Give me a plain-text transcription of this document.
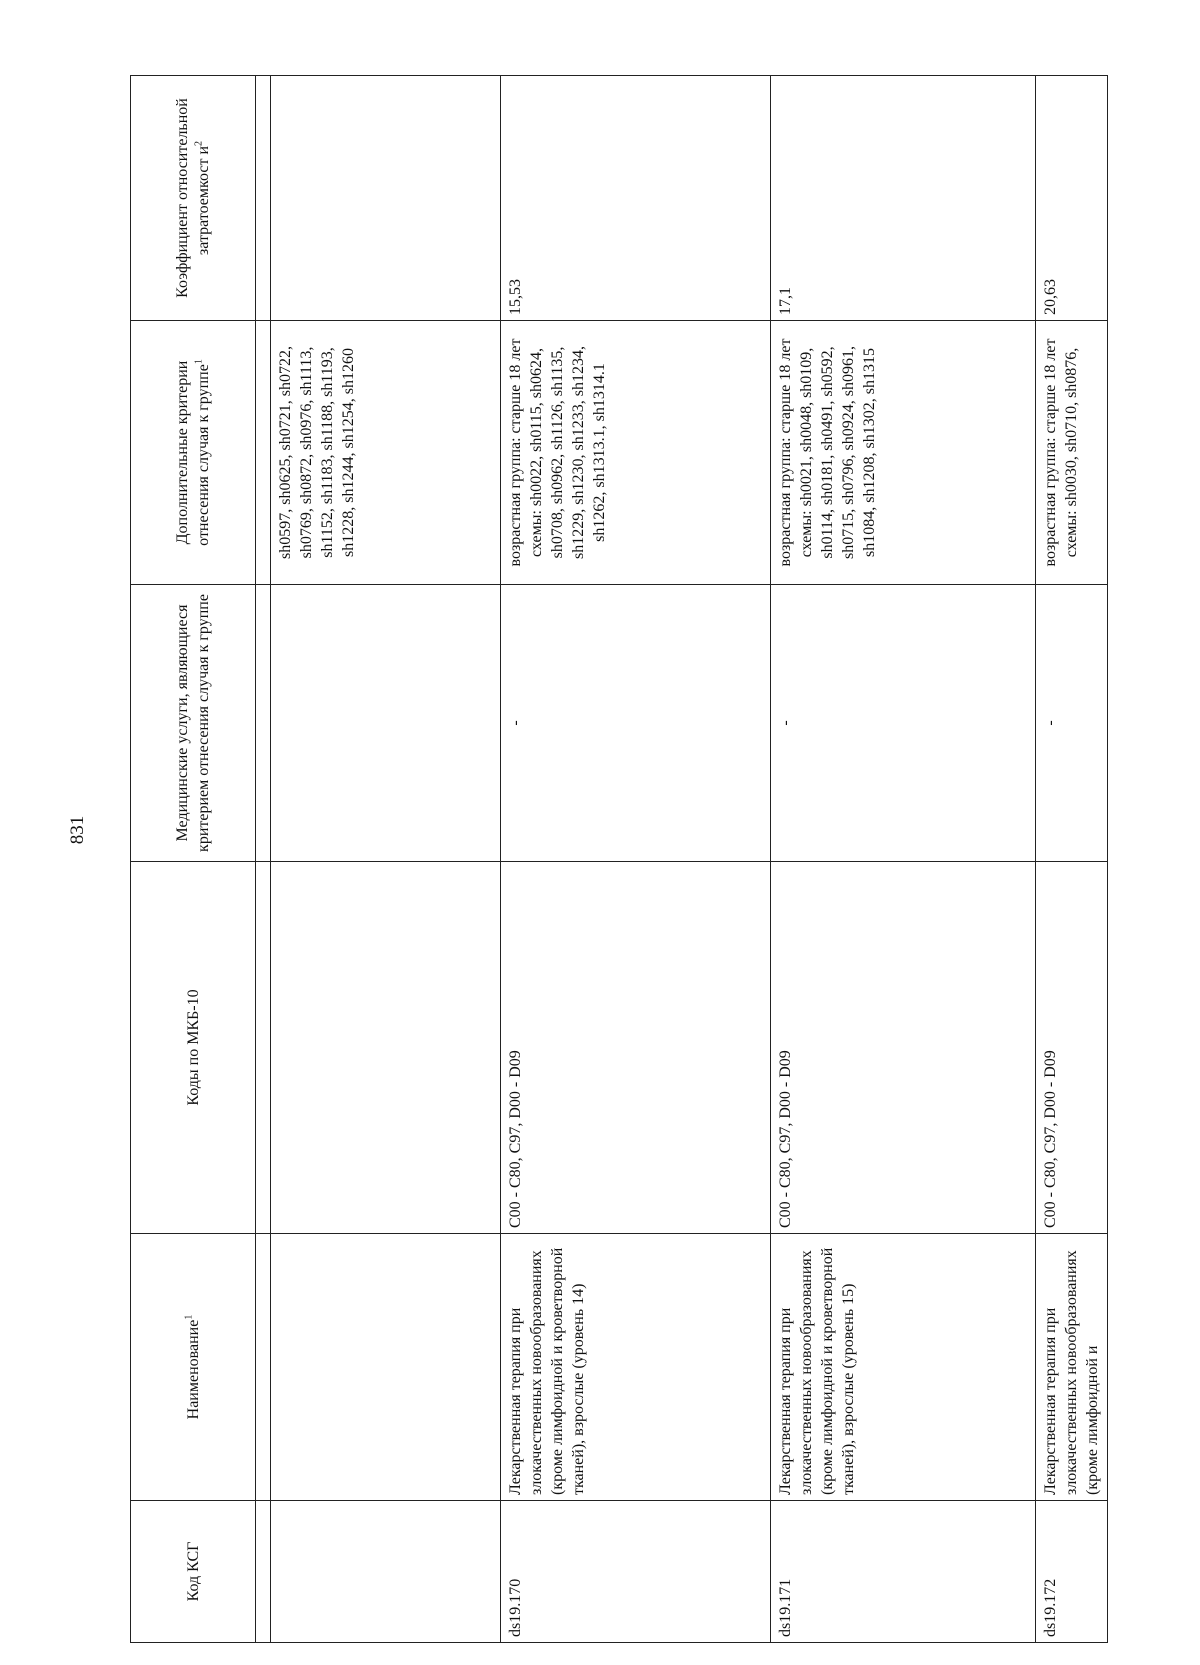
831
Код КСГ	Наименование$^1$	Коды по МКБ-10	Медицинские услуги, являющиеся критерием отнесения случая к группе	Дополнительные критерии отнесения случая к группе$^1$	Коэффициент относительной затратоемкост $и^2$

				sh0597, sh0625, sh0721, sh0722, sh0769, sh0872, sh0976, sh1113, sh1152, sh1183, sh1188, sh1193, sh1228, sh1244, sh1254, sh1260	
ds19.170	Лекарственная терапия при злокачественных новообразованиях (кроме лимфоидной и кроветворной тканей), взрослые (уровень 14)	C00 - C80, C97, D00 - D09	-	возрастная группа: старше 18 лет схемы: sh0022, sh0115, sh0624, sh0708, sh0962, sh1126, sh1135, sh1229, sh1230, sh1233, sh1234, sh1262, sh1313.1, sh1314.1	15,53
ds19.171	Лекарственная терапия при злокачественных новообразованиях (кроме лимфоидной и кроветворной тканей), взрослые (уровень 15)	C00 - C80, C97, D00 - D09	-	возрастная группа: старше 18 лет схемы: sh0021, sh0048, sh0109, sh0114, sh0181, sh0491, sh0592, sh0715, sh0796, sh0924, sh0961, sh1084, sh1208, sh1302, sh1315	17,1
ds19.172	Лекарственная терапия при злокачественных новообразованиях (кроме лимфоидной и	C00 - C80, C97, D00 - D09	-	возрастная группа: старше 18 лет схемы: sh0030, sh0710, sh0876,	20,63
